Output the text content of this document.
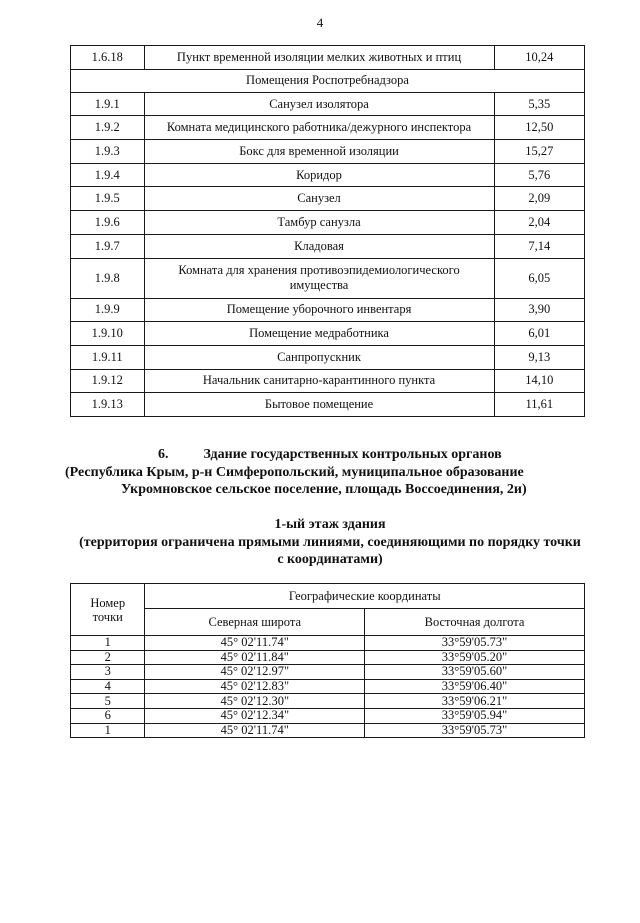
4
1.6.18	Пункт временной изоляции мелких животных и птиц	10,24
Помещения Роспотребнадзора		
1.9.1	Санузел изолятора	5,35
1.9.2	Комната медицинского работника/дежурного инспектора	12,50
1.9.3	Бокс для временной изоляции	15,27
1.9.4	Коридор	5,76
1.9.5	Санузел	2,09
1.9.6	Тамбур санузла	2,04
1.9.7	Кладовая	7,14
1.9.8	Комната для хранения противоэпидемиологического имущества	6,05
1.9.9	Помещение уборочного инвентаря	3,90
1.9.10	Помещение медработника	6,01
1.9.11	Санпропускник	9,13
1.9.12	Начальник санитарно-карантинного пункта	14,10
1.9.13	Бытовое помещение	11,61
6.	Здание государственных контрольных органов
(Республика Крым, р-н Симферопольский, муниципальное образование
Укромновское сельское поселение, площадь Воссоединения, 2и)
1-ый этаж здания
(территория ограничена прямыми линиями, соединяющими по порядку точки
с координатами)
Номер точки	Географические координаты	
	Северная широта	Восточная долгота
1	45° 02'11.74"	33°59'05.73"
2	45° 02'11.84"	33°59'05.20"
3	45° 02'12.97"	33°59'05.60"
4	45° 02'12.83"	33°59'06.40"
5	45° 02'12.30"	33°59'06.21"
6	45° 02'12.34"	33°59'05.94"
1	45° 02'11.74"	33°59'05.73"
